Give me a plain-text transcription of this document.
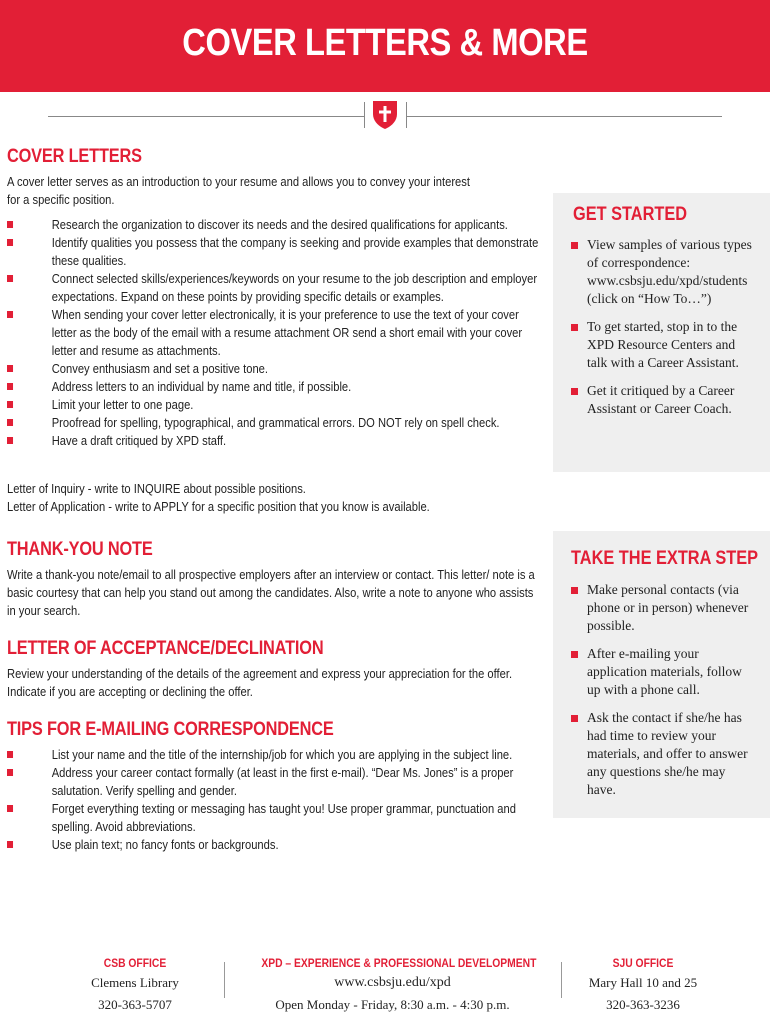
COVER LETTERS & MORE
COVER LETTERS
A cover letter serves as an introduction to your resume and allows you to convey your interest for a specific position.
Research the organization to discover its needs and the desired qualifications for applicants.
Identify qualities you possess that the company is seeking and provide examples that demonstrate these qualities.
Connect selected skills/experiences/keywords on your resume to the job description and employer expectations. Expand on these points by providing specific details or examples.
When sending your cover letter electronically, it is your preference to use the text of your cover letter as the body of the email with a resume attachment OR send a short email with your cover letter and resume as attachments.
Convey enthusiasm and set a positive tone.
Address letters to an individual by name and title, if possible.
Limit your letter to one page.
Proofread for spelling, typographical, and grammatical errors. DO NOT rely on spell check.
Have a draft critiqued by XPD staff.
Letter of Inquiry - write to INQUIRE about possible positions.
Letter of Application - write to APPLY for a specific position that you know is available.
THANK-YOU NOTE
Write a thank-you note/email to all prospective employers after an interview or contact. This letter/ note is a basic courtesy that can help you stand out among the candidates. Also, write a note to anyone who assists in your search.
LETTER OF ACCEPTANCE/DECLINATION
Review your understanding of the details of the agreement and express your appreciation for the offer. Indicate if you are accepting or declining the offer.
TIPS FOR E-MAILING CORRESPONDENCE
List your name and the title of the internship/job for which you are applying in the subject line.
Address your career contact formally (at least in the first e-mail). “Dear Ms. Jones” is a proper salutation. Verify spelling and gender.
Forget everything texting or messaging has taught you! Use proper grammar, punctuation and spelling. Avoid abbreviations.
Use plain text; no fancy fonts or backgrounds.
GET STARTED
View samples of various types of correspondence: www.csbsju.edu/xpd/students (click on “How To…”)
To get started, stop in to the XPD Resource Centers and talk with a Career Assistant.
Get it critiqued by a Career Assistant or Career Coach.
TAKE THE EXTRA STEP
Make personal contacts (via phone or in person) whenever possible.
After e-mailing your application materials, follow up with a phone call.
Ask the contact if she/he has had time to review your materials, and offer to answer any questions she/he may have.
CSB OFFICE
Clemens Library
320-363-5707
XPD – EXPERIENCE & PROFESSIONAL DEVELOPMENT
www.csbsju.edu/xpd
Open Monday - Friday, 8:30 a.m. - 4:30 p.m.
SJU OFFICE
Mary Hall 10 and 25
320-363-3236
